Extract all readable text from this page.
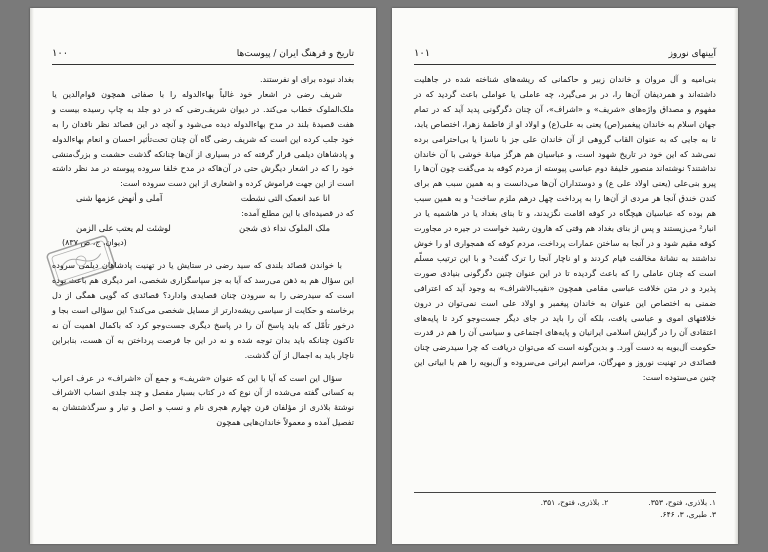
تاریخ و فرهنگ ایران / پیوست‌ها
۱۰۰

بغداد نبوده برای او نفرستند.

شریف رضی در اشعار خود غالباً بهاءالدوله را با صفاتی همچون قوام‌الدین یا ملک‌الملوک خطاب می‌کند. در دیوان شریف‌رضی که در دو جلد به چاپ رسیده بیست و هفت قصیدهٔ بلند در مدح بهاءالدوله دیده می‌شود و آنچه در این قصائد نظر ناقدان را به خود جلب کرده این است که شریف رضی گاه آن چنان تحت‌تأثیر احسان و انعام بهاءالدوله و پادشاهان دیلمی قرار گرفته که در بسیاری از آن‌ها چنانکه گذشت حشمت و بزرگ‌منشی خود را که در اشعار دیگرش حتی در آن‌هاکه در مدح خلفا سروده پیوسته در مد نظر داشته است از این جهت فراموش کرده و اشعاری از این دست سروده است:

انا عبد انعمک التی نشطت
آملی و أنهض عزمها شنی

که در قصیده‌ای با این مطلع آمده:

ملک الملوک نداء ذی شجن
لوشئت لم یعتب علی الزمن
(دیوان، ج، ص ۸۳۷)

با خواندن قصائد بلندی که سید رضی در ستایش یا در تهنیت پادشاهان دیلمی سروده این سؤال هم به ذهن می‌رسد که آیا به جز سپاسگزاری شخصی، امر دیگری هم باعث بوده است که سیدرضی را به سرودن چنان قصایدی وادارد؟ قصائدی که گویی همگی از دل برخاسته و حکایت از سیاسی ریشه‌دارتر از مسایل شخصی می‌کند؟ این سؤالی است بجا و درخور تأمّل که باید پاسخ آن را در پاسخ دیگری جست‌وجو کرد که باکمال اهمیت آن نه تاکنون چنانکه باید بدان توجه شده و نه در این جا فرصت پرداختن به آن هست، بنابراین ناچار باید به اجمال از آن گذشت.

سؤال این است که آیا با این که عنوان «شریف» و جمع آن «اشراف» در عرف اعراب به کسانی گفته می‌شده از آن نوع که در کتاب بسیار مفصل و چند جلدی انساب الاشراف نوشتهٔ بلاذری از مؤلفان قرن چهارم هجری نام و نسب و اصل و تبار و سرگذشتشان به تفصیل آمده و معمولاً خاندان‌هایی همچون

آیینهای نوروز
۱۰۱

بنی‌امیه و آل مروان و خاندان زبیر و حاکمانی که ریشه‌های شناخته شده در جاهلیت داشته‌اند و همردیفان آن‌ها را، در بر می‌گیرد، چه عاملی یا عواملی باعث گردید که در مفهوم و مصداق واژه‌های «شریف» و «اشراف»، آن چنان دگرگونی پدید آید که در تمام جهان اسلام به خاندان پیغمبر(ص) یعنی به علی(ع) و اولاد او از فاطمهٔ زهرا، اختصاص یابد، تا به جایی که به عنوان القاب گروهی از آن خاندان علی جز با ناسزا یا بی‌احترامی برده نمی‌شد که این خود در تاریخ شهود است، و عباسیان هم هرگز میانهٔ خوشی با آن خاندان نداشتند؟ نوشته‌اند منصور خلیفهٔ دوم عباسی پیوسته از مردم کوفه بد می‌گفت چون آن‌ها را پیرو بنی‌علی (یعنی اولاد علی ع) و دوستداران آن‌ها می‌دانست و به همین سبب هم برای کندن خندق آنجا هر مردی از آن‌ها را به پرداخت چهل درهم ملزم ساخت¹ و به همین سبب هم بوده که عباسیان هیچگاه در کوفه اقامت نگزیدند، و تا بنای بغداد یا در هاشمیه یا در انبار² می‌زیستند و پس از بنای بغداد هم وقتی که هارون رشید خواست در جیره در مجاورت کوفه مقیم شود و در آنجا به ساختن عمارات پرداخت، مردم کوفه که همجواری او را خوش نداشتند به نشانهٔ مخالفت قیام کردند و او ناچار آنجا را ترک گفت³ و با این ترتیب مسلّم است که چنان عاملی را که باعث گردیده تا در این عنوان چنین دگرگونی بنیادی صورت پذیرد و در متن خلافت عباسی مقامی همچون «نقیب‌الاشراف» به وجود آید که اعترافی ضمنی به اختصاص این عنوان به خاندان پیغمبر و اولاد علی است نمی‌توان در درون خلافتهای اموی و عباسی یافت، بلکه آن را باید در جای دیگر جست‌وجو کرد تا پایه‌های اعتقادی آن را در گرایش اسلامی ایرانیان و پایه‌های اجتماعی و سیاسی آن را هم در قدرت حکومت آل‌بویه به دست آورد. و بدین‌گونه است که می‌توان دریافت که چرا سیدرضی چنان قصائدی در تهنیت نوروز و مهرگان، مراسم ایرانی می‌سروده و آل‌بویه را هم با ابیاتی این چنین می‌ستوده است:

۱. بلاذری، فتوح، ۳۵۳.
۲. بلاذری، فتوح، ۳۵۱.
۳. طبری، ۳، ۶۴۶.
